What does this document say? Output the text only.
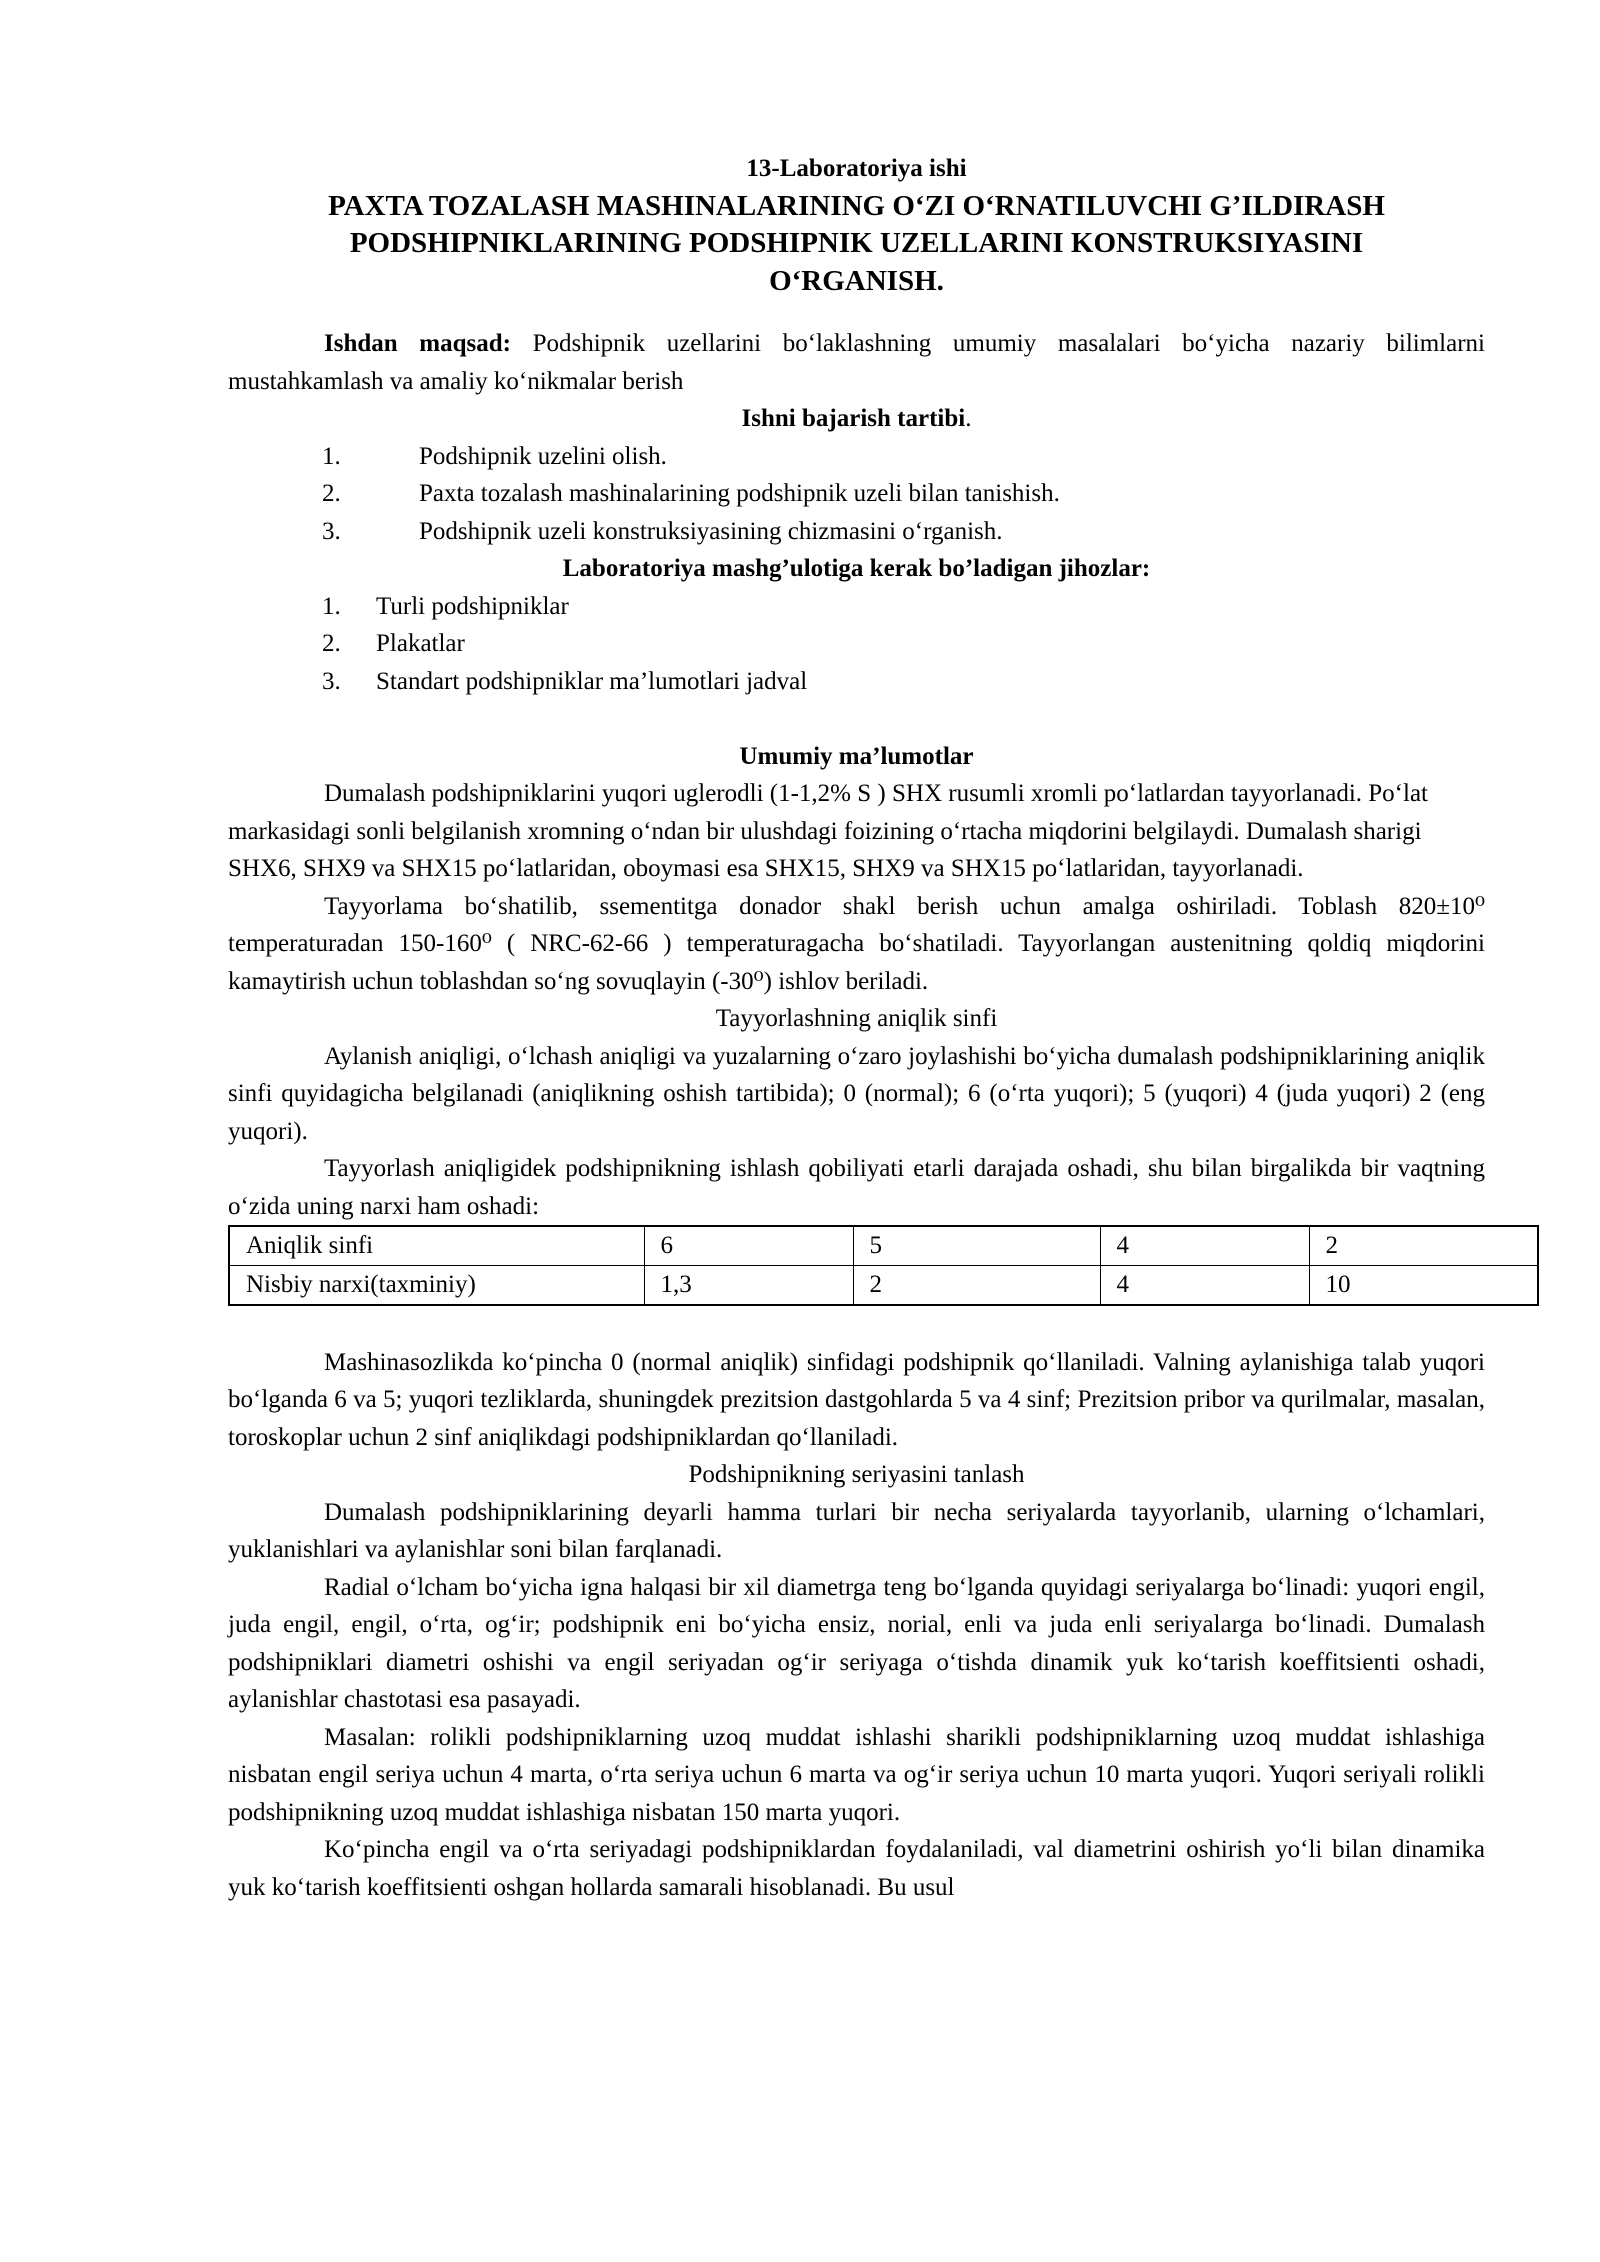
13-Laboratoriya ishi
PAXTA TOZALASH MASHINALARINING O‘ZI O‘RNATILUVCHI G’ILDIRASH
PODSHIPNIKLARINING PODSHIPNIK UZELLARINI KONSTRUKSIYASINI
O‘RGANISH.

Ishdan maqsad: Podshipnik uzellarini bo‘laklashning umumiy masalalari bo‘yicha nazariy bilimlarni mustahkamlash va amaliy ko‘nikmalar berish

Ishni bajarish tartibi.
1.	Podshipnik uzelini olish.
2.	Paxta tozalash mashinalarining podshipnik uzeli bilan tanishish.
3.	Podshipnik uzeli konstruksiyasining chizmasini o‘rganish.
Laboratoriya mashg’ulotiga kerak bo’ladigan jihozlar:
1. Turli podshipniklar
2. Plakatlar
3. Standart podshipniklar ma’lumotlari jadval
Umumiy ma’lumotlar

Dumalash podshipniklarini yuqori uglerodli (1-1,2% S ) SHX rusumli xromli po‘latlardan tayyorlanadi. Po‘lat markasidagi sonli belgilanish xromning o‘ndan bir ulushdagi foizining o‘rtacha miqdorini belgilaydi. Dumalash sharigi SHX6, SHX9 va SHX15 po‘latlaridan, oboymasi esa SHX15, SHX9 va SHX15 po‘latlaridan, tayyorlanadi.

Tayyorlama bo‘shatilib, ssementitga donador shakl berish uchun amalga oshiriladi. Toblash 820±10⁰ temperaturadan 150-160⁰ ( NRC-62-66 ) temperaturagacha bo‘shatiladi. Tayyorlangan austenitning qoldiq miqdorini kamaytirish uchun toblashdan so‘ng sovuqlayin (-30⁰) ishlov beriladi.

Tayyorlashning aniqlik sinfi

Aylanish aniqligi, o‘lchash aniqligi va yuzalarning o‘zaro joylashishi bo‘yicha dumalash podshipniklarining aniqlik sinfi quyidagicha belgilanadi (aniqlikning oshish tartibida); 0 (normal); 6 (o‘rta yuqori); 5 (yuqori) 4 (juda yuqori) 2 (eng yuqori).

Tayyorlash aniqligidek podshipnikning ishlash qobiliyati etarli darajada oshadi, shu bilan birgalikda bir vaqtning o‘zida uning narxi ham oshadi:

Aniqlik sinfi	6	5	4	2
Nisbiy narxi(taxminiy)	1,3	2	4	10

Mashinasozlikda ko‘pincha 0 (normal aniqlik) sinfidagi podshipnik qo‘llaniladi. Valning aylanishiga talab yuqori bo‘lganda 6 va 5; yuqori tezliklarda, shuningdek prezitsion dastgohlarda 5 va 4 sinf; Prezitsion pribor va qurilmalar, masalan, toroskoplar uchun 2 sinf aniqlikdagi podshipniklardan qo‘llaniladi.

Podshipnikning seriyasini tanlash

Dumalash podshipniklarining deyarli hamma turlari bir necha seriyalarda tayyorlanib, ularning o‘lchamlari, yuklanishlari va aylanishlar soni bilan farqlanadi.

Radial o‘lcham bo‘yicha igna halqasi bir xil diametrga teng bo‘lganda quyidagi seriyalarga bo‘linadi: yuqori engil, juda engil, engil, o‘rta, og‘ir; podshipnik eni bo‘yicha ensiz, norial, enli va juda enli seriyalarga bo‘linadi. Dumalash podshipniklari diametri oshishi va engil seriyadan og‘ir seriyaga o‘tishda dinamik yuk ko‘tarish koeffitsienti oshadi, aylanishlar chastotasi esa pasayadi.

Masalan: rolikli podshipniklarning uzoq muddat ishlashi sharikli podshipniklarning uzoq muddat ishlashiga nisbatan engil seriya uchun 4 marta, o‘rta seriya uchun 6 marta va og‘ir seriya uchun 10 marta yuqori. Yuqori seriyali rolikli podshipnikning uzoq muddat ishlashiga nisbatan 150 marta yuqori.

Ko‘pincha engil va o‘rta seriyadagi podshipniklardan foydalaniladi, val diametrini oshirish yo‘li bilan dinamika yuk ko‘tarish koeffitsienti oshgan hollarda samarali hisoblanadi. Bu usul
